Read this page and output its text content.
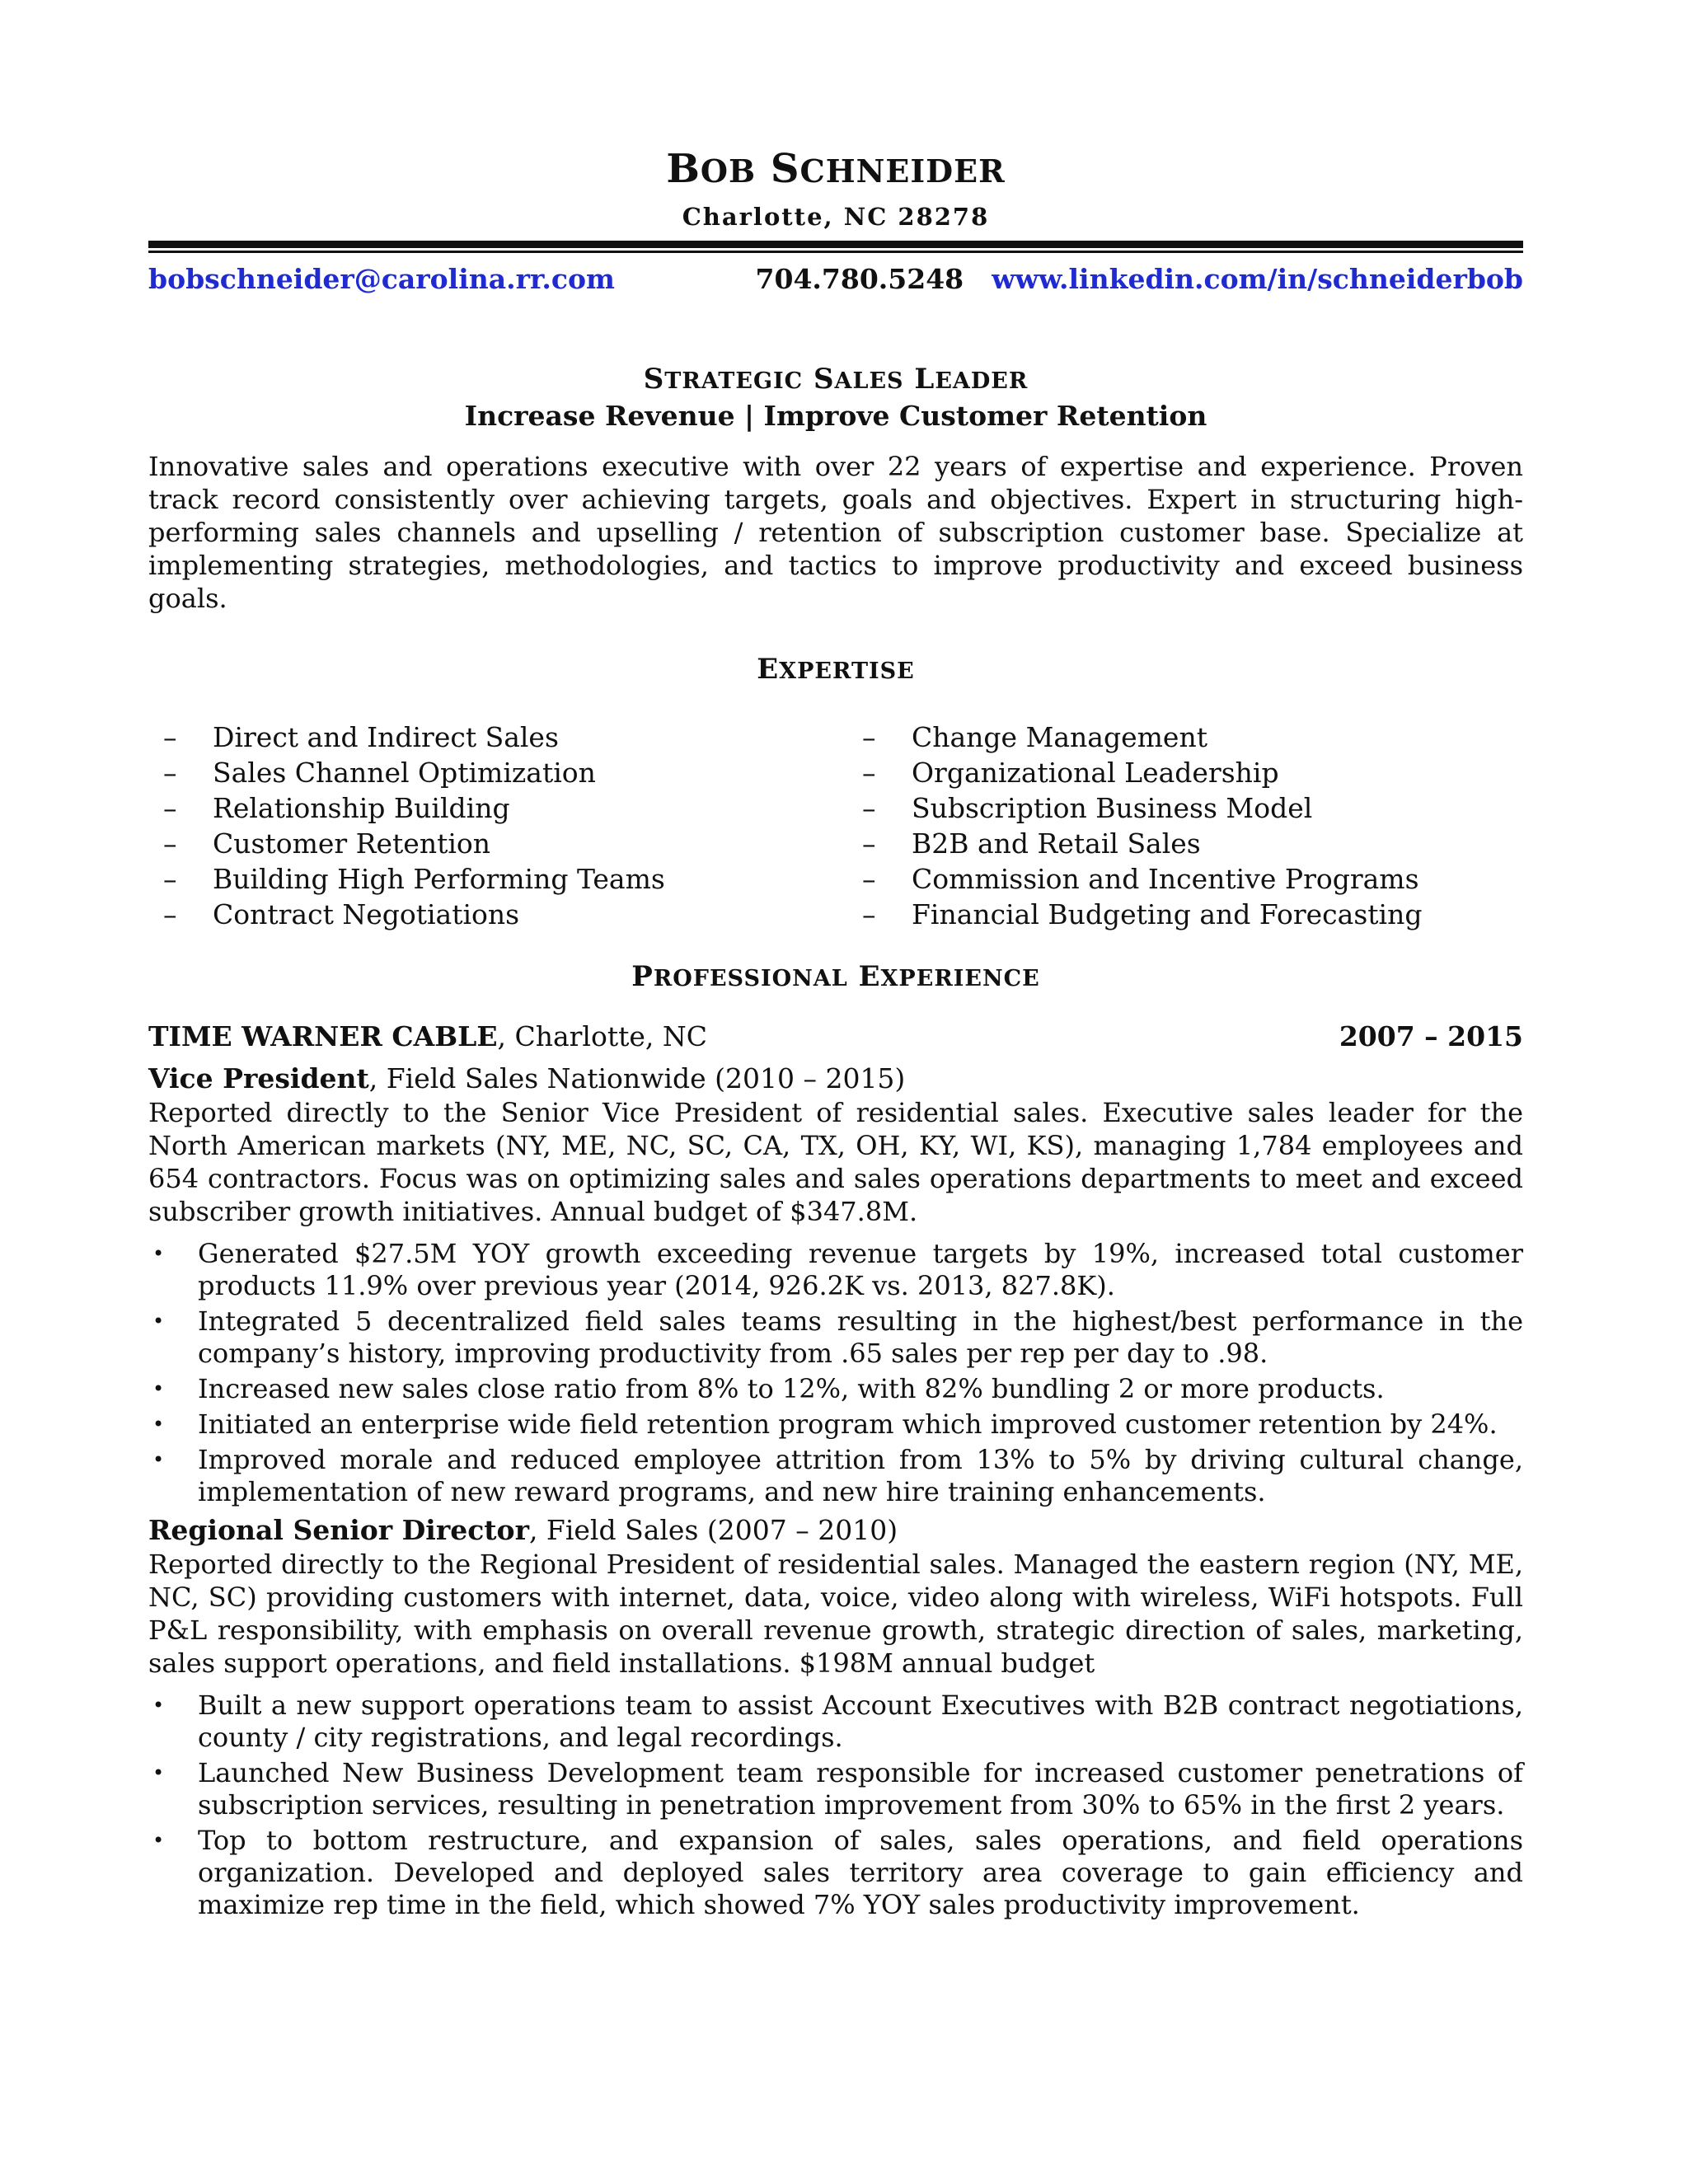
BOB SCHNEIDER
Charlotte, NC 28278
bobschneider@carolina.rr.com	704.780.5248 www.linkedin.com/in/schneiderbob
STRATEGIC SALES LEADER
Increase Revenue | Improve Customer Retention
Innovative sales and operations executive with over 22 years of expertise and experience. Proven track record consistently over achieving targets, goals and objectives. Expert in structuring high-performing sales channels and upselling / retention of subscription customer base. Specialize at implementing strategies, methodologies, and tactics to improve productivity and exceed business goals.
EXPERTISE
– Direct and Indirect Sales
– Sales Channel Optimization
– Relationship Building
– Customer Retention
– Building High Performing Teams
– Contract Negotiations
– Change Management
– Organizational Leadership
– Subscription Business Model
– B2B and Retail Sales
– Commission and Incentive Programs
– Financial Budgeting and Forecasting
PROFESSIONAL EXPERIENCE
TIME WARNER CABLE, Charlotte, NC	2007 – 2015
Vice President, Field Sales Nationwide (2010 – 2015)
Reported directly to the Senior Vice President of residential sales. Executive sales leader for the North American markets (NY, ME, NC, SC, CA, TX, OH, KY, WI, KS), managing 1,784 employees and 654 contractors. Focus was on optimizing sales and sales operations departments to meet and exceed subscriber growth initiatives. Annual budget of $347.8M.
• Generated $27.5M YOY growth exceeding revenue targets by 19%, increased total customer products 11.9% over previous year (2014, 926.2K vs. 2013, 827.8K).
• Integrated 5 decentralized field sales teams resulting in the highest/best performance in the company’s history, improving productivity from .65 sales per rep per day to .98.
• Increased new sales close ratio from 8% to 12%, with 82% bundling 2 or more products.
• Initiated an enterprise wide field retention program which improved customer retention by 24%.
• Improved morale and reduced employee attrition from 13% to 5% by driving cultural change, implementation of new reward programs, and new hire training enhancements.
Regional Senior Director, Field Sales (2007 – 2010)
Reported directly to the Regional President of residential sales. Managed the eastern region (NY, ME, NC, SC) providing customers with internet, data, voice, video along with wireless, WiFi hotspots. Full P&L responsibility, with emphasis on overall revenue growth, strategic direction of sales, marketing, sales support operations, and field installations. $198M annual budget
• Built a new support operations team to assist Account Executives with B2B contract negotiations, county / city registrations, and legal recordings.
• Launched New Business Development team responsible for increased customer penetrations of subscription services, resulting in penetration improvement from 30% to 65% in the first 2 years.
• Top to bottom restructure, and expansion of sales, sales operations, and field operations organization. Developed and deployed sales territory area coverage to gain efficiency and maximize rep time in the field, which showed 7% YOY sales productivity improvement.
